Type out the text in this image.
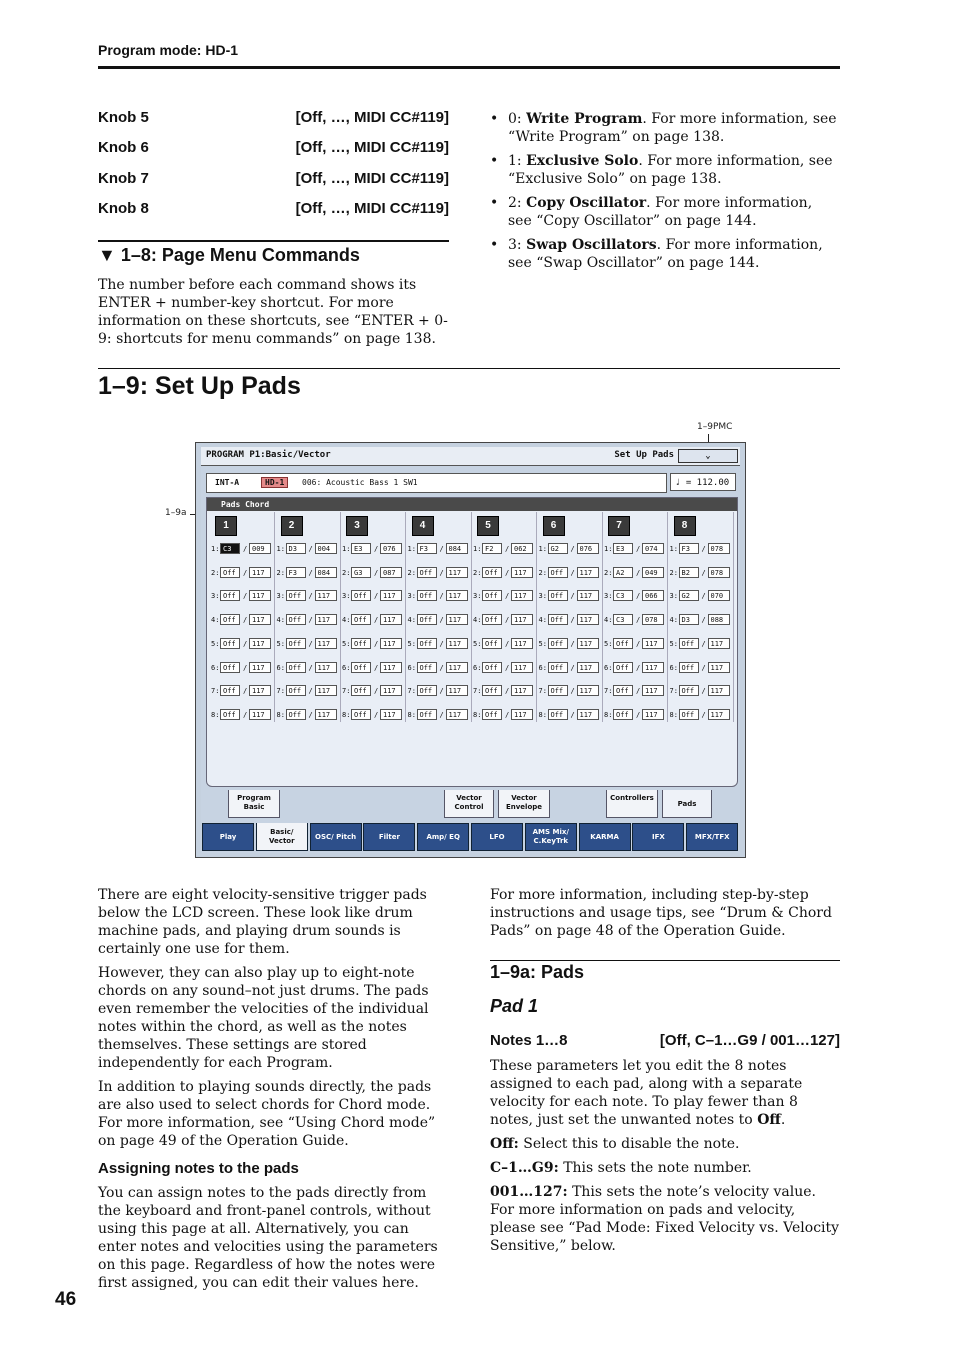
Program mode: HD-1
Knob 5	[Off, …, MIDI CC#119]
Knob 6	[Off, …, MIDI CC#119]
Knob 7	[Off, …, MIDI CC#119]
Knob 8	[Off, …, MIDI CC#119]
▼ 1–8: Page Menu Commands

The number before each command shows its ENTER + number-key shortcut. For more information on these shortcuts, see “ENTER + 0-9: shortcuts for menu commands” on page 138.

• 0: Write Program. For more information, see “Write Program” on page 138.
• 1: Exclusive Solo. For more information, see “Exclusive Solo” on page 138.
• 2: Copy Oscillator. For more information, see “Copy Oscillator” on page 144.
• 3: Swap Oscillators. For more information, see “Swap Oscillator” on page 144.
1–9: Set Up Pads
1–9PMC
1–9a
PROGRAM P1:Basic/Vector	Set Up Pads	⌄
INT-A	HD-1	006: Acoustic Bass 1 SW1	♩ = 112.00
Pads Chord
1
1: C3	/ 009
2: Off	/ 117
3: Off	/ 117
4: Off	/ 117
5: Off	/ 117
6: Off	/ 117
7: Off	/ 117
8: Off	/ 117
2
1: D3	/ 004
2: F3	/ 084
3: Off	/ 117
4: Off	/ 117
5: Off	/ 117
6: Off	/ 117
7: Off	/ 117
8: Off	/ 117
3
1: E3	/ 076
2: G3	/ 087
3: Off	/ 117
4: Off	/ 117
5: Off	/ 117
6: Off	/ 117
7: Off	/ 117
8: Off	/ 117
4
1: F3	/ 084
2: Off	/ 117
3: Off	/ 117
4: Off	/ 117
5: Off	/ 117
6: Off	/ 117
7: Off	/ 117
8: Off	/ 117
5
1: F2	/ 062
2: Off	/ 117
3: Off	/ 117
4: Off	/ 117
5: Off	/ 117
6: Off	/ 117
7: Off	/ 117
8: Off	/ 117
6
1: G2	/ 076
2: Off	/ 117
3: Off	/ 117
4: Off	/ 117
5: Off	/ 117
6: Off	/ 117
7: Off	/ 117
8: Off	/ 117
7
1: E3	/ 074
2: A2	/ 049
3: C3	/ 066
4: C3	/ 078
5: Off	/ 117
6: Off	/ 117
7: Off	/ 117
8: Off	/ 117
8
1: F3	/ 078
2: B2	/ 078
3: G2	/ 070
4: D3	/ 088
5: Off	/ 117
6: Off	/ 117
7: Off	/ 117
8: Off	/ 117
Program Basic
Vector Control
Vector Envelope
Controllers
Pads
Play
Basic/ Vector	OSC/ Pitch	Filter	Amp/ EQ	LFO
AMS Mix/ C.KeyTrk
KARMA	IFX	MFX/TFX

There are eight velocity-sensitive trigger pads below the LCD screen. These look like drum machine pads, and playing drum sounds is certainly one use for them.

However, they can also play up to eight-note chords on any sound–not just drums. The pads even remember the velocities of the individual notes within the chord, as well as the notes themselves. These settings are stored independently for each Program.

In addition to playing sounds directly, the pads are also used to select chords for Chord mode. For more information, see “Using Chord mode” on page 49 of the Operation Guide.

Assigning notes to the pads

You can assign notes to the pads directly from the keyboard and front-panel controls, without using this page at all. Alternatively, you can enter notes and velocities using the parameters on this page. Regardless of how the notes were first assigned, you can edit their values here.

For more information, including step-by-step instructions and usage tips, see “Drum & Chord Pads” on page 48 of the Operation Guide.

1–9a: Pads
Pad 1
Notes 1…8	[Off, C–1…G9 / 001…127]

These parameters let you edit the 8 notes assigned to each pad, along with a separate velocity for each note. To play fewer than 8 notes, just set the unwanted notes to Off.

Off: Select this to disable the note.

C–1…G9: This sets the note number.

001…127: This sets the note’s velocity value. For more information on pads and velocity, please see “Pad Mode: Fixed Velocity vs. Velocity Sensitive,” below.

46
